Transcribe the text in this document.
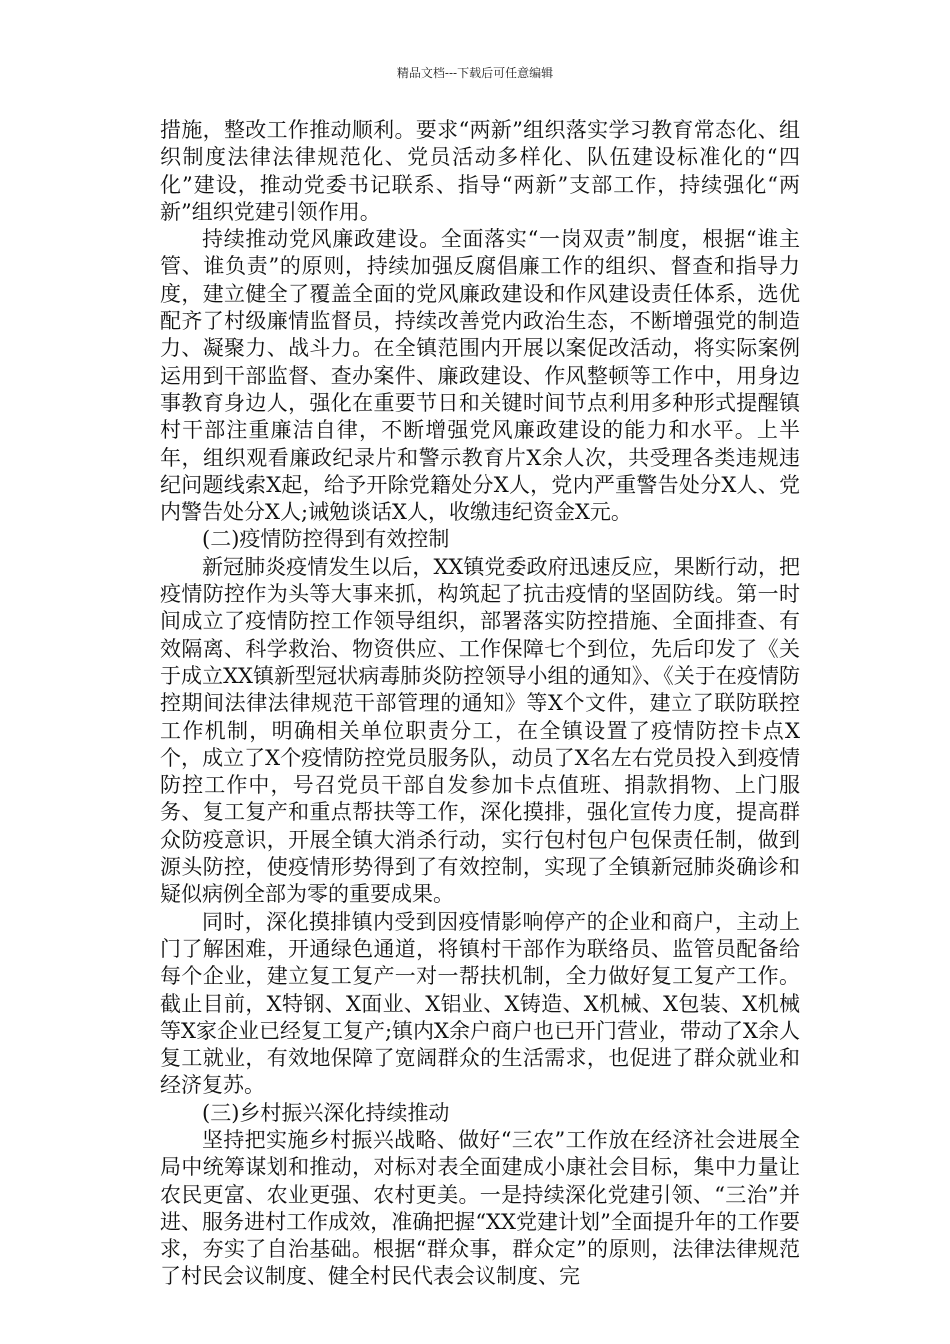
精品文档---下载后可任意编辑

措施，整改工作推动顺利。要求“两新”组织落实学习教育常态化、组织制度法律法律规范化、党员活动多样化、队伍建设标准化的“四化”建设，推动党委书记联系、指导“两新”支部工作，持续强化“两新”组织党建引领作用。

持续推动党风廉政建设。全面落实“一岗双责”制度，根据“谁主管、谁负责”的原则，持续加强反腐倡廉工作的组织、督查和指导力度，建立健全了覆盖全面的党风廉政建设和作风建设责任体系，选优配齐了村级廉情监督员，持续改善党内政治生态，不断增强党的制造力、凝聚力、战斗力。在全镇范围内开展以案促改活动，将实际案例运用到干部监督、查办案件、廉政建设、作风整顿等工作中，用身边事教育身边人，强化在重要节日和关键时间节点利用多种形式提醒镇村干部注重廉洁自律，不断增强党风廉政建设的能力和水平。上半年，组织观看廉政纪录片和警示教育片X余人次，共受理各类违规违纪问题线索X起，给予开除党籍处分X人，党内严重警告处分X人、党内警告处分X人;诫勉谈话X人，收缴违纪资金X元。

(二)疫情防控得到有效控制

新冠肺炎疫情发生以后，XX镇党委政府迅速反应，果断行动，把疫情防控作为头等大事来抓，构筑起了抗击疫情的坚固防线。第一时间成立了疫情防控工作领导组织，部署落实防控措施、全面排查、有效隔离、科学救治、物资供应、工作保障七个到位，先后印发了《关于成立XX镇新型冠状病毒肺炎防控领导小组的通知》、《关于在疫情防控期间法律法律规范干部管理的通知》等X个文件，建立了联防联控工作机制，明确相关单位职责分工，在全镇设置了疫情防控卡点X个，成立了X个疫情防控党员服务队，动员了X名左右党员投入到疫情防控工作中，号召党员干部自发参加卡点值班、捐款捐物、上门服务、复工复产和重点帮扶等工作，深化摸排，强化宣传力度，提高群众防疫意识，开展全镇大消杀行动，实行包村包户包保责任制，做到源头防控，使疫情形势得到了有效控制，实现了全镇新冠肺炎确诊和疑似病例全部为零的重要成果。

同时，深化摸排镇内受到因疫情影响停产的企业和商户，主动上门了解困难，开通绿色通道，将镇村干部作为联络员、监管员配备给每个企业，建立复工复产一对一帮扶机制，全力做好复工复产工作。截止目前，X特钢、X面业、X铝业、X铸造、X机械、X包装、X机械等X家企业已经复工复产;镇内X余户商户也已开门营业，带动了X余人复工就业，有效地保障了宽阔群众的生活需求，也促进了群众就业和经济复苏。

(三)乡村振兴深化持续推动

坚持把实施乡村振兴战略、做好“三农”工作放在经济社会进展全局中统筹谋划和推动，对标对表全面建成小康社会目标，集中力量让农民更富、农业更强、农村更美。一是持续深化党建引领、“三治”并进、服务进村工作成效，准确把握“XX党建计划”全面提升年的工作要求，夯实了自治基础。根据“群众事，群众定”的原则，法律法律规范了村民会议制度、健全村民代表会议制度、完
